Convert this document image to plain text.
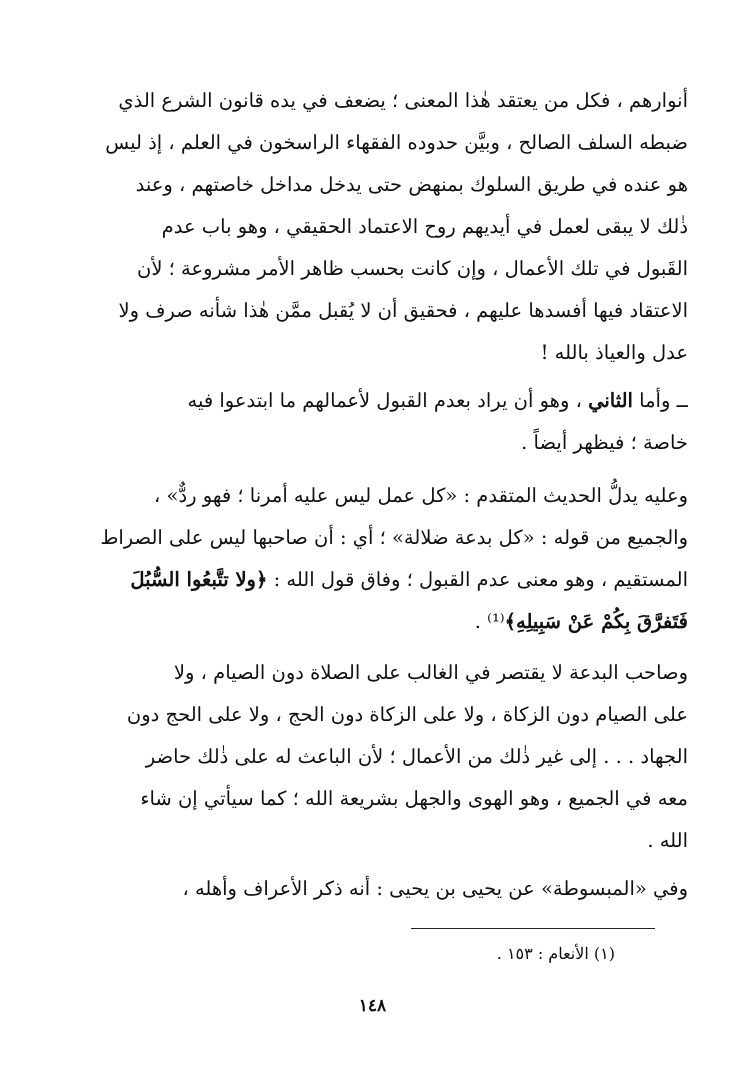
أنوارهم ، فكل من يعتقد هٰذا المعنى ؛ يضعف في يده قانون الشرع الذي
ضبطه السلف الصالح ، وبيَّن حدوده الفقهاء الراسخون في العلم ، إذ ليس
هو عنده في طريق السلوك بمنهض حتى يدخل مداخل خاصتهم ، وعند
ذٰلك لا يبقى لعمل في أيديهم روح الاعتماد الحقيقي ، وهو باب عدم
القَبول في تلك الأعمال ، وإن كانت بحسب ظاهر الأمر مشروعة ؛ لأن
الاعتقاد فيها أفسدها عليهم ، فحقيق أن لا يُقبل ممَّن هٰذا شأنه صرف ولا
عدل والعياذ بالله !
ــ وأما الثاني ، وهو أن يراد بعدم القبول لأعمالهم ما ابتدعوا فيه
خاصة ؛ فيظهر أيضاً .
وعليه يدلُّ الحديث المتقدم : «كل عمل ليس عليه أمرنا ؛ فهو ردٌّ» ،
والجميع من قوله : «كل بدعة ضلالة» ؛ أي : أن صاحبها ليس على الصراط
المستقيم ، وهو معنى عدم القبول ؛ وفاق قول الله : ﴿ولا تتَّبعُوا السُّبُلَ
فَتَفرَّقَ بِكُمْ عَنْ سَبِيلِهِ﴾⁽¹⁾ .
وصاحب البدعة لا يقتصر في الغالب على الصلاة دون الصيام ، ولا
على الصيام دون الزكاة ، ولا على الزكاة دون الحج ، ولا على الحج دون
الجهاد . . . إلى غير ذٰلك من الأعمال ؛ لأن الباعث له على ذٰلك حاضر
معه في الجميع ، وهو الهوى والجهل بشريعة الله ؛ كما سيأتي إن شاء
الله .
وفي «المبسوطة» عن يحيى بن يحيى : أنه ذكر الأعراف وأهله ،
(١) الأنعام : ١٥٣ .
١٤٨
